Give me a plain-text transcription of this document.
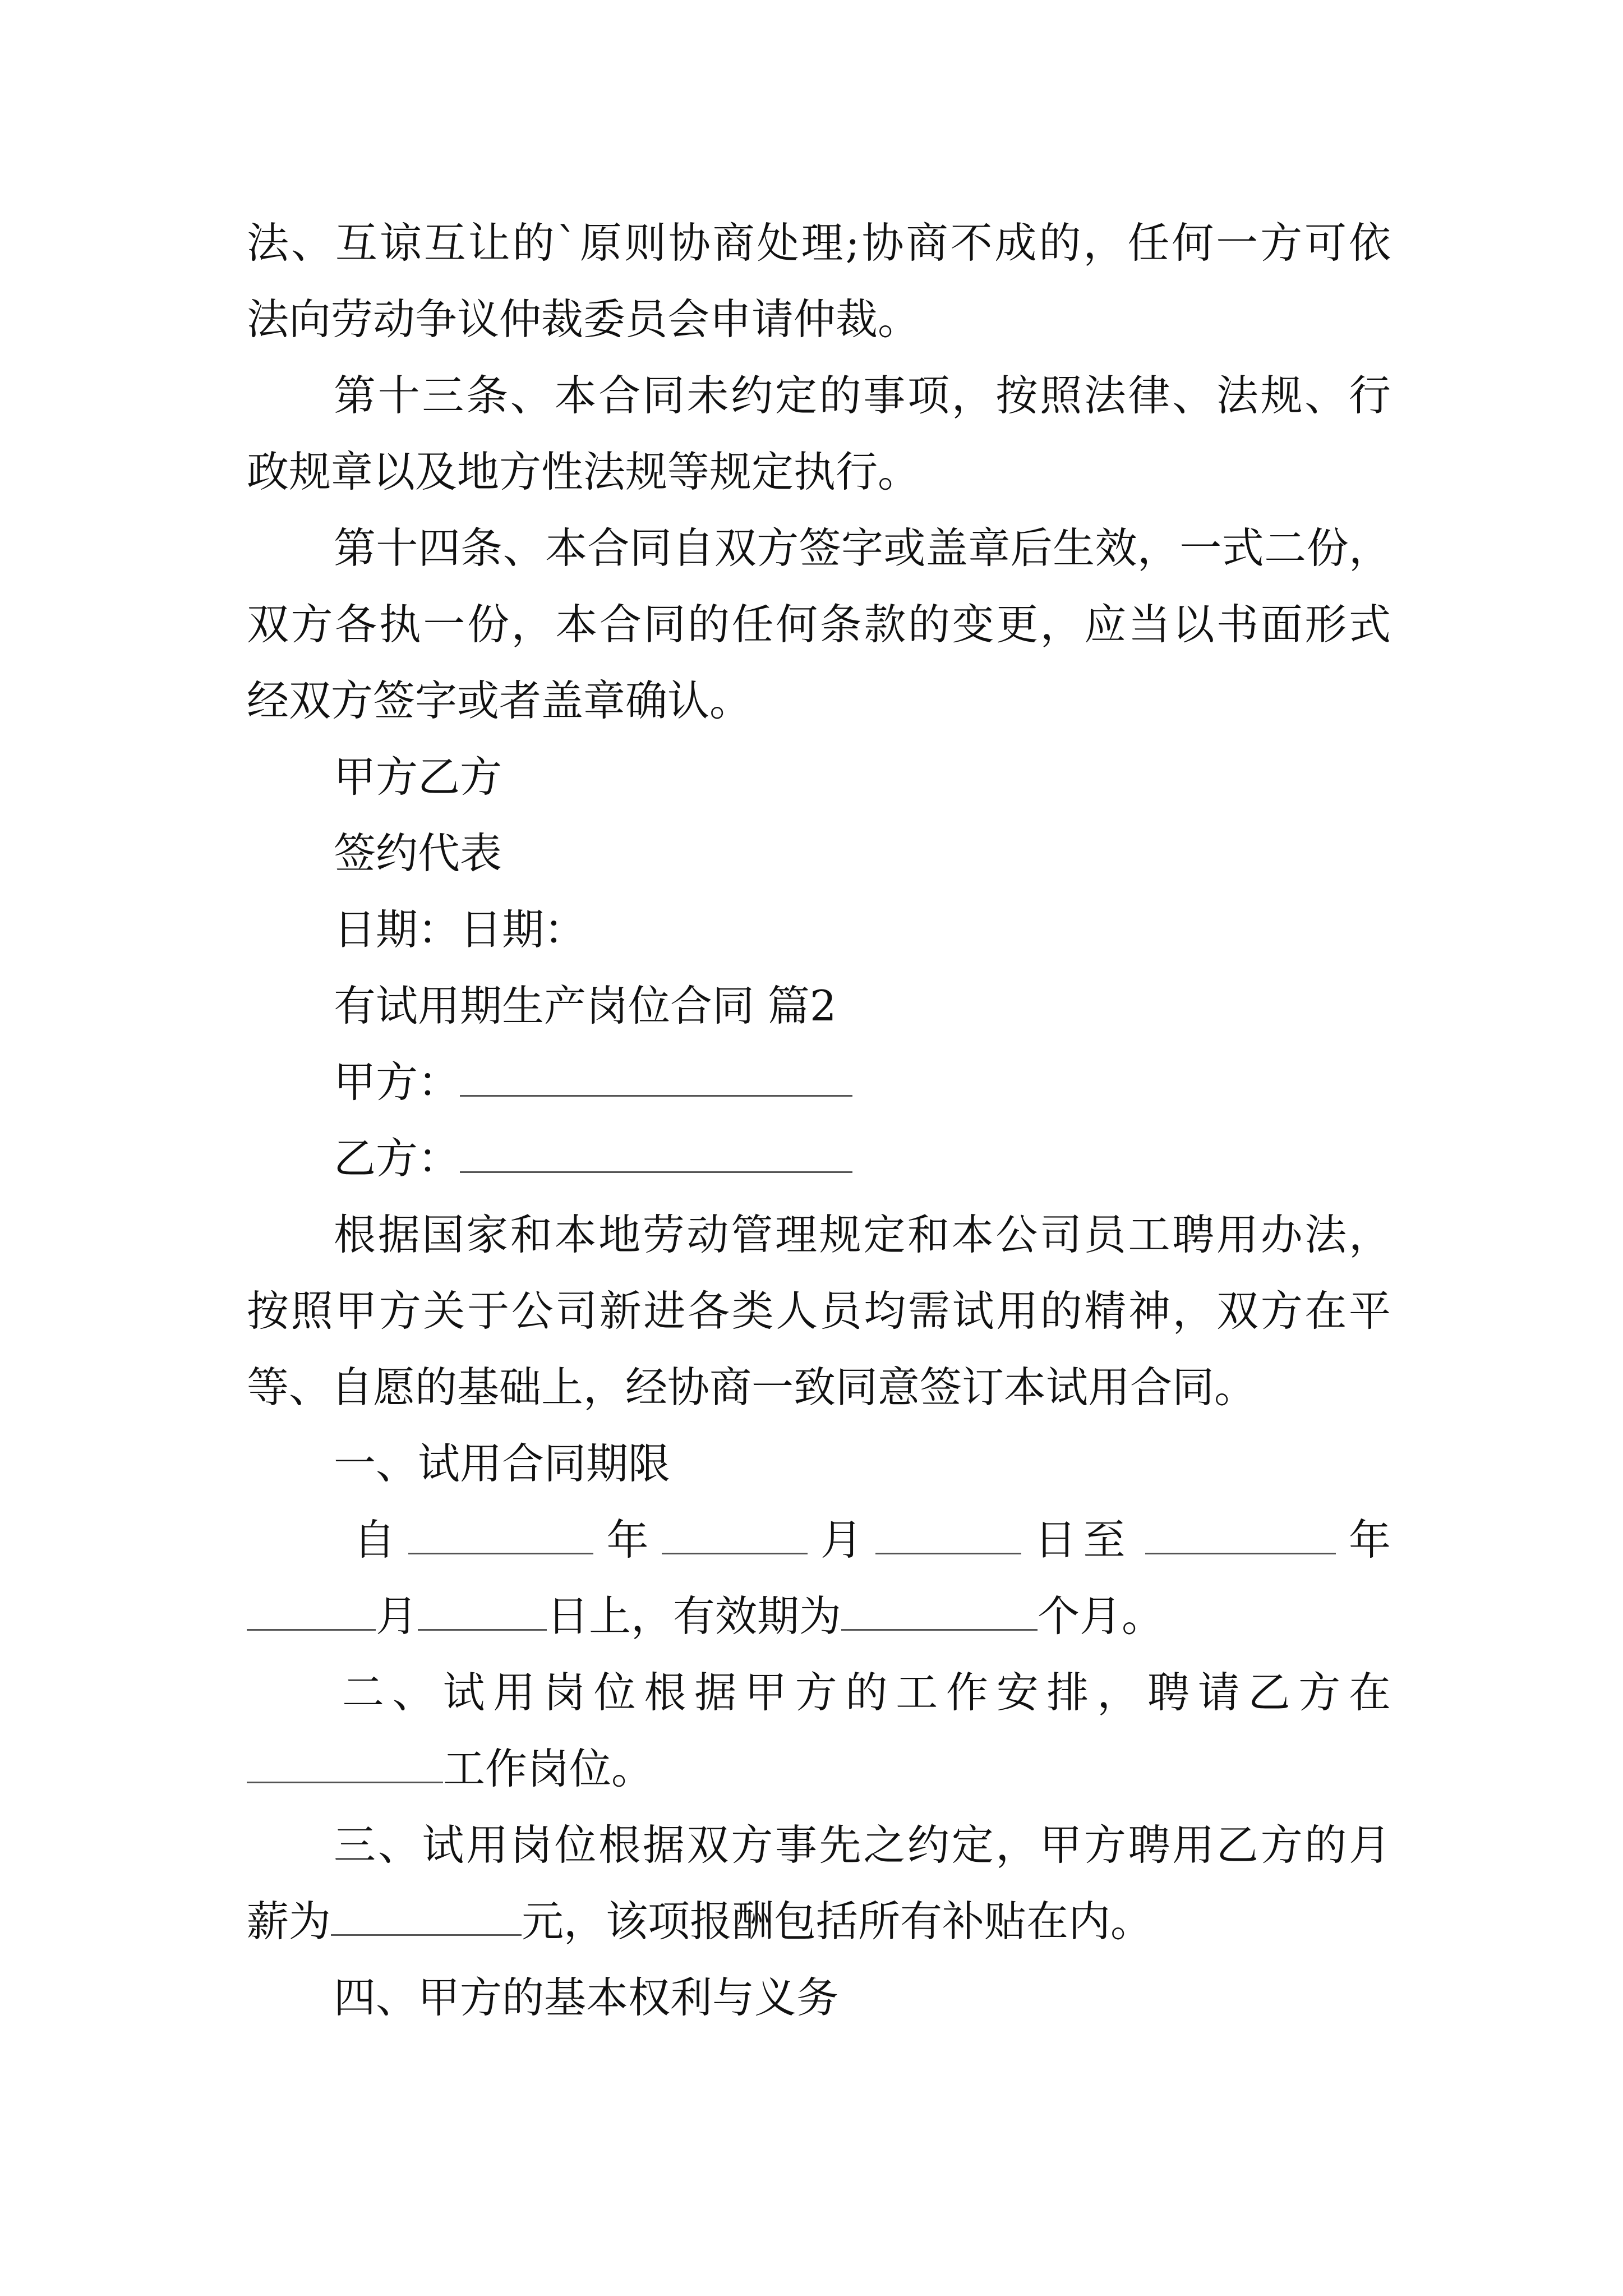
法、互谅互让的`原则协商处理;协商不成的，任何一方可依
法向劳动争议仲裁委员会申请仲裁。
第十三条、本合同未约定的事项，按照法律、法规、行
政规章以及地方性法规等规定执行。
第十四条、本合同自双方签字或盖章后生效，一式二份，
双方各执一份，本合同的任何条款的变更，应当以书面形式
经双方签字或者盖章确认。
甲方乙方
签约代表
日期：日期：
有试用期生产岗位合同 篇2
甲方：
乙方：
根据国家和本地劳动管理规定和本公司员工聘用办法，
按照甲方关于公司新进各类人员均需试用的精神，双方在平
等、自愿的基础上，经协商一致同意签订本试用合同。
一、试用合同期限
自	年	月	日至	年
月	日上，有效期为	个月。
二、试用岗位根据甲方的工作安排，聘请乙方在
工作岗位。
三、试用岗位根据双方事先之约定，甲方聘用乙方的月
薪为	元，该项报酬包括所有补贴在内。
四、甲方的基本权利与义务
